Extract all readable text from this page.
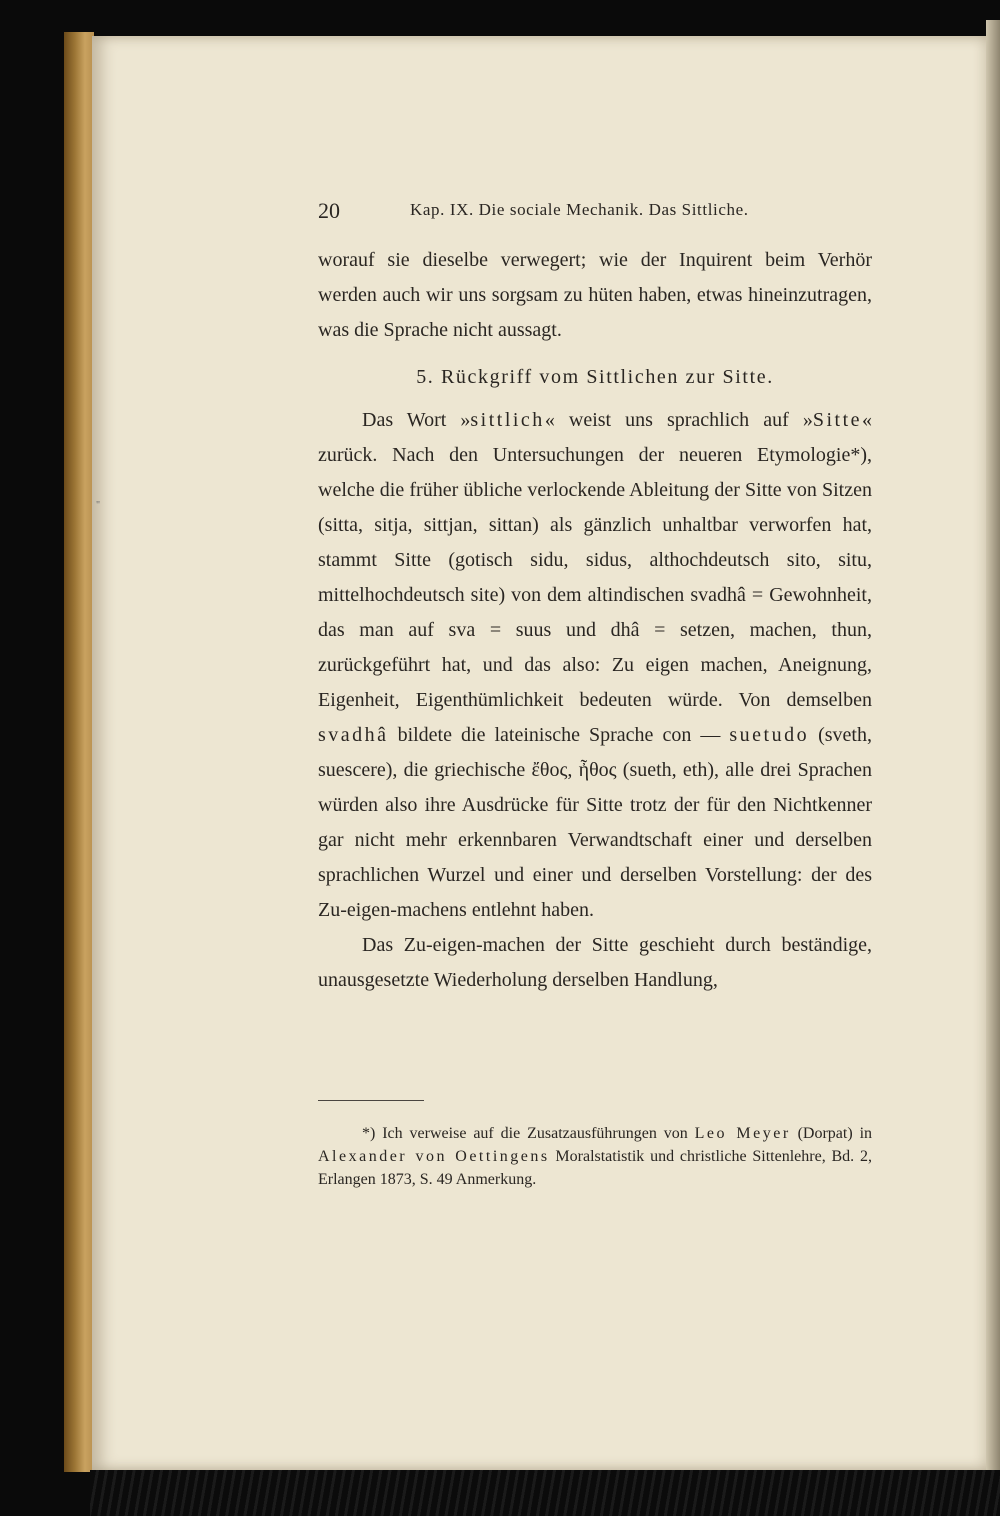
"
20	Kap. IX. Die sociale Mechanik. Das Sittliche.

worauf sie dieselbe verwegert; wie der Inquirent beim Verhör werden auch wir uns sorgsam zu hüten haben, etwas hineinzutragen, was die Sprache nicht aussagt.

5. Rückgriff vom Sittlichen zur Sitte.

Das Wort »sittlich« weist uns sprachlich auf »Sitte« zurück. Nach den Untersuchungen der neueren Etymologie*), welche die früher übliche verlockende Ableitung der Sitte von Sitzen (sitta, sitja, sittjan, sittan) als gänzlich unhaltbar verworfen hat, stammt Sitte (gotisch sidu, sidus, althochdeutsch sito, situ, mittelhochdeutsch site) von dem altindischen svadhâ = Gewohnheit, das man auf sva = suus und dhâ = setzen, machen, thun, zurückgeführt hat, und das also: Zu eigen machen, Aneignung, Eigenheit, Eigenthümlichkeit bedeuten würde. Von demselben svadhâ bildete die lateinische Sprache con — suetudo (sveth, suescere), die griechische ἔθος, ἦθος (sueth, eth), alle drei Sprachen würden also ihre Ausdrücke für Sitte trotz der für den Nichtkenner gar nicht mehr erkennbaren Verwandtschaft einer und derselben sprachlichen Wurzel und einer und derselben Vorstellung: der des Zu-eigen-machens entlehnt haben.

Das Zu-eigen-machen der Sitte geschieht durch beständige, unausgesetzte Wiederholung derselben Handlung,

*) Ich verweise auf die Zusatzausführungen von Leo Meyer (Dorpat) in Alexander von Oettingens Moralstatistik und christliche Sittenlehre, Bd. 2, Erlangen 1873, S. 49 Anmerkung.
